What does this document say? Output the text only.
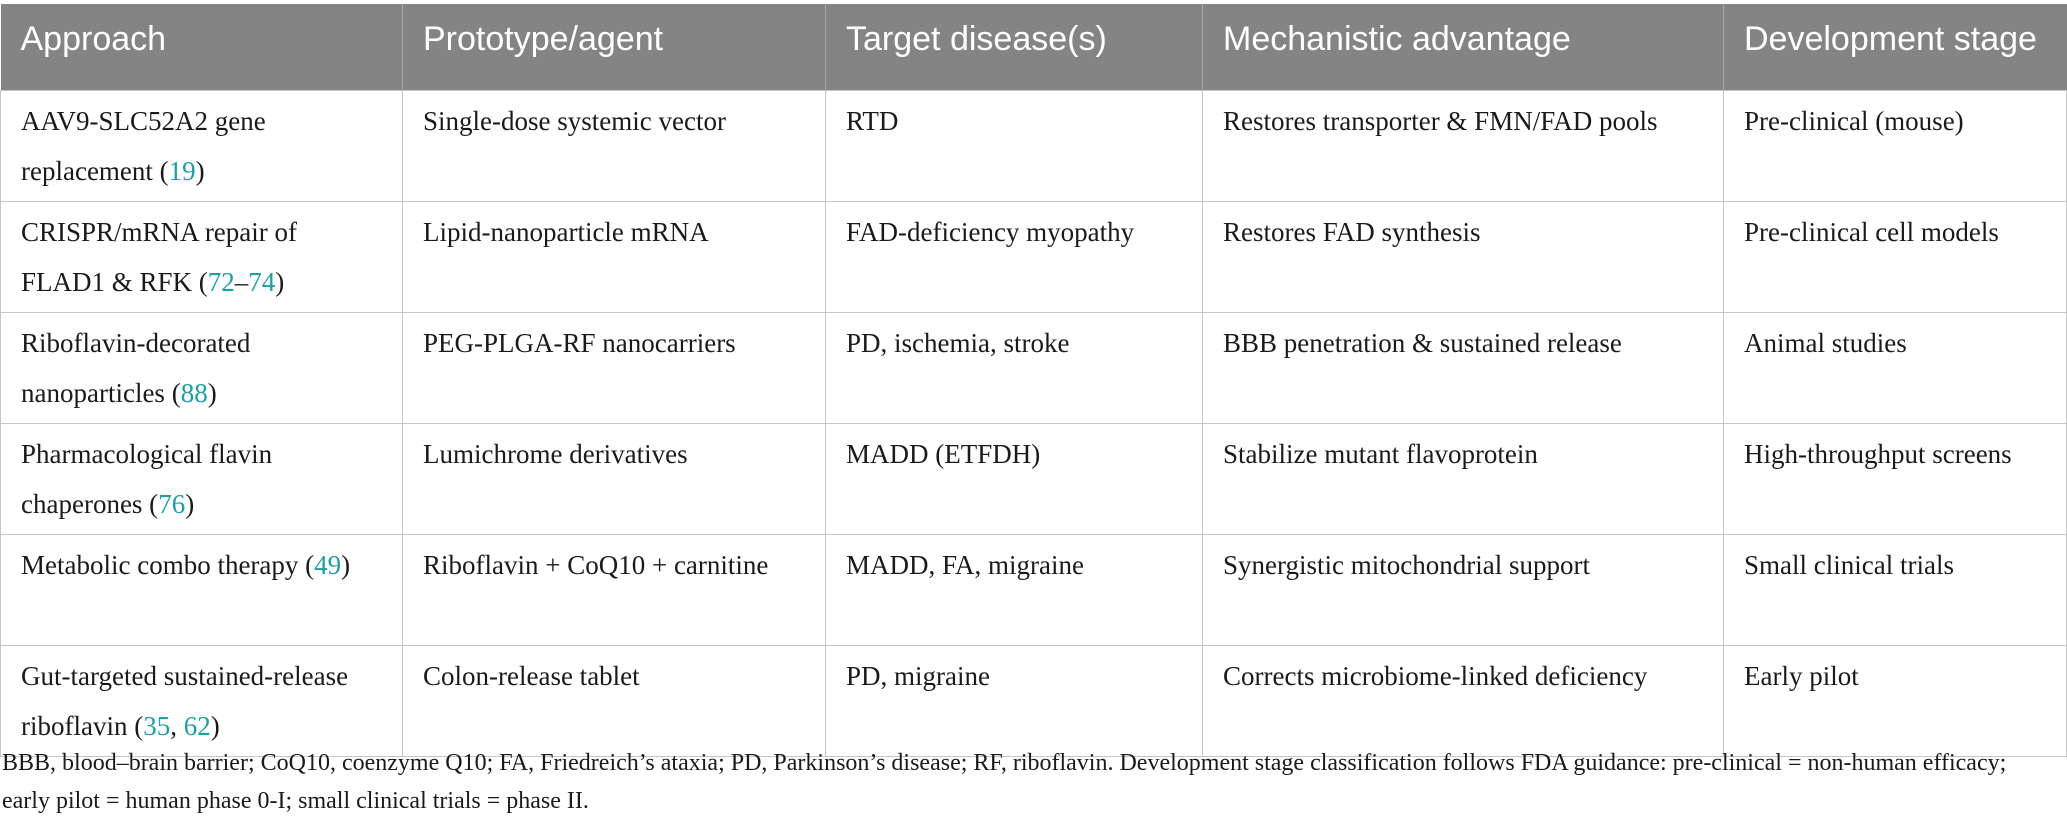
Approach	Prototype/agent	Target disease(s)	Mechanistic advantage	Development stage
AAV9-SLC52A2 gene replacement (19)	Single-dose systemic vector	RTD	Restores transporter & FMN/FAD pools	Pre-clinical (mouse)
CRISPR/mRNA repair of FLAD1 & RFK (72–74)	Lipid-nanoparticle mRNA	FAD-deficiency myopathy	Restores FAD synthesis	Pre-clinical cell models
Riboflavin-decorated nanoparticles (88)	PEG-PLGA-RF nanocarriers	PD, ischemia, stroke	BBB penetration & sustained release	Animal studies
Pharmacological flavin chaperones (76)	Lumichrome derivatives	MADD (ETFDH)	Stabilize mutant flavoprotein	High-throughput screens
Metabolic combo therapy (49)	Riboflavin + CoQ10 + carnitine	MADD, FA, migraine	Synergistic mitochondrial support	Small clinical trials
Gut-targeted sustained-release riboflavin (35, 62)	Colon-release tablet	PD, migraine	Corrects microbiome-linked deficiency	Early pilot
BBB, blood–brain barrier; CoQ10, coenzyme Q10; FA, Friedreich’s ataxia; PD, Parkinson’s disease; RF, riboflavin. Development stage classification follows FDA guidance: pre-clinical = non-human efficacy; early pilot = human phase 0-I; small clinical trials = phase II.
